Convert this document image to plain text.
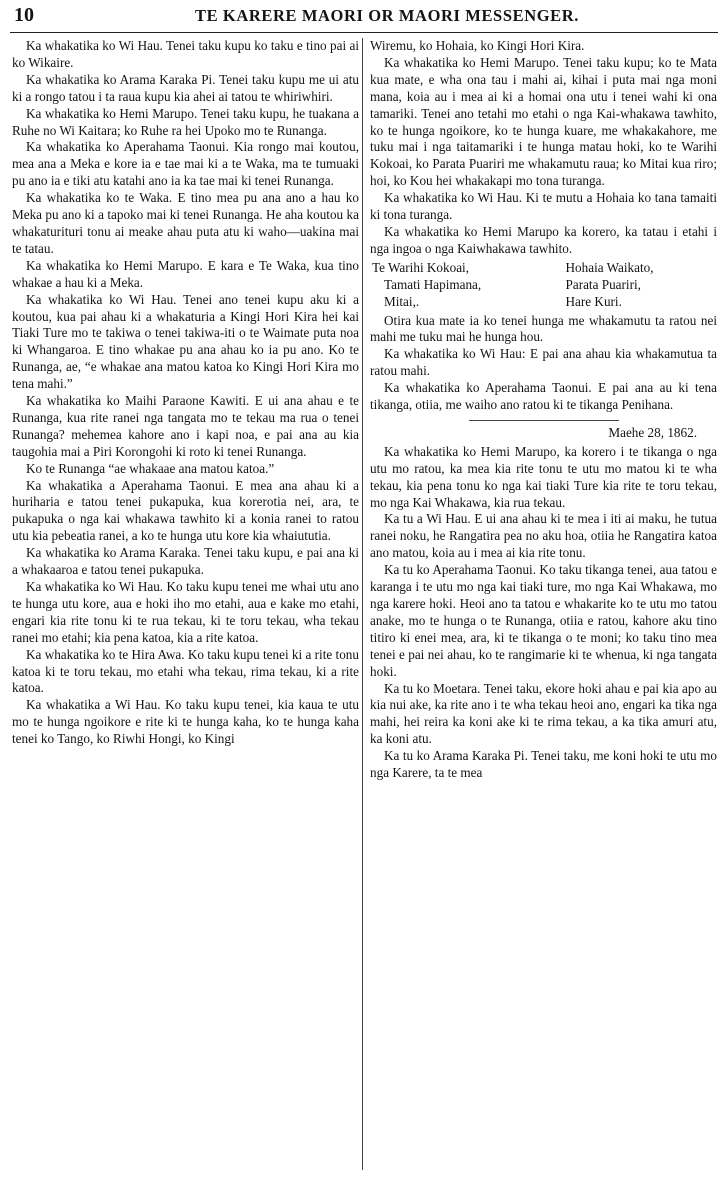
10	TE KARERE MAORI OR MAORI MESSENGER.

Ka whakatika ko Wi Hau. Tenei taku kupu ko taku e tino pai ai ko Wikaire.

Ka whakatika ko Arama Karaka Pi. Tenei taku kupu me ui atu ki a rongo tatou i ta raua kupu kia ahei ai tatou te whiriwhiri.

Ka whakatika ko Hemi Marupo. Tenei taku kupu, he tuakana a Ruhe no Wi Kaitara; ko Ruhe ra hei Upoko mo te Runanga.

Ka whakatika ko Aperahama Taonui. Kia rongo mai koutou, mea ana a Meka e kore ia e tae mai ki a te Waka, ma te tumuaki pu ano ia e tiki atu katahi ano ia ka tae mai ki tenei Runanga.

Ka whakatika ko te Waka. E tino mea pu ana ano a hau ko Meka pu ano ki a tapoko mai ki tenei Runanga. He aha koutou ka whakaturituri tonu ai meake ahau puta atu ki waho—uakina mai te tatau.

Ka whakatika ko Hemi Marupo. E kara e Te Waka, kua tino whakae a hau ki a Meka.

Ka whakatika ko Wi Hau. Tenei ano tenei kupu aku ki a koutou, kua pai ahau ki a whakaturia a Kingi Hori Kira hei kai Tiaki Ture mo te takiwa o tenei takiwa-iti o te Waimate puta noa ki Whangaroa. E tino whakae pu ana ahau ko ia pu ano. Ko te Runanga, ae, “e whakae ana matou katoa ko Kingi Hori Kira mo tena mahi.”

Ka whakatika ko Maihi Paraone Kawiti. E ui ana ahau e te Runanga, kua rite ranei nga tangata mo te tekau ma rua o tenei Runanga? mehemea kahore ano i kapi noa, e pai ana au kia taugohia mai a Piri Korongohi ki roto ki tenei Runanga.

Ko te Runanga “ae whakaae ana matou katoa.”

Ka whakatika a Aperahama Taonui. E mea ana ahau ki a huriharia e tatou tenei pukapuka, kua korerotia nei, ara, te pukapuka o nga kai whakawa tawhito ki a konia ranei to ratou utu kia pebeatia ranei, a ko te hunga utu kore kia whaiututia.

Ka whakatika ko Arama Karaka. Tenei taku kupu, e pai ana ki a whakaaroa e tatou tenei pukapuka.

Ka whakatika ko Wi Hau. Ko taku kupu tenei me whai utu ano te hunga utu kore, aua e hoki iho mo etahi, aua e kake mo etahi, engari kia rite tonu ki te rua tekau, ki te toru tekau, wha tekau ranei mo etahi; kia pena katoa, kia a rite katoa.

Ka whakatika ko te Hira Awa. Ko taku kupu tenei ki a rite tonu katoa ki te toru tekau, mo etahi wha tekau, rima tekau, ki a rite katoa.

Ka whakatika a Wi Hau. Ko taku kupu tenei, kia kaua te utu mo te hunga ngoikore e rite ki te hunga kaha, ko te hunga kaha tenei ko Tango, ko Riwhi Hongi, ko Kingi

Wiremu, ko Hohaia, ko Kingi Hori Kira.

Ka whakatika ko Hemi Marupo. Tenei taku kupu; ko te Mata kua mate, e wha ona tau i mahi ai, kihai i puta mai nga moni mana, koia au i mea ai ki a homai ona utu i tenei wahi ki ona tamariki. Tenei ano tetahi mo etahi o nga Kai-whakawa tawhito, ko te hunga ngoikore, ko te hunga kuare, me whakakahore, me tuku mai i nga taitamariki i te hunga matau hoki, ko te Warihi Kokoai, ko Parata Puariri me whakamutu raua; ko Mitai kua riro; hoi, ko Kou hei whakakapi mo tona turanga.

Ka whakatika ko Wi Hau. Ki te mutu a Hohaia ko tana tamaiti ki tona turanga.

Ka whakatika ko Hemi Marupo ka korero, ka tatau i etahi i nga ingoa o nga Kaiwhakawa tawhito.

Te Warihi Kokoai,	Hohaia Waikato,
Tamati Hapimana,	Parata Puariri,
Mitai,.	Hare Kuri.

Otira kua mate ia ko tenei hunga me whakamutu ta ratou nei mahi me tuku mai he hunga hou.

Ka whakatika ko Wi Hau: E pai ana ahau kia whakamutua ta ratou mahi.

Ka whakatika ko Aperahama Taonui. E pai ana au ki tena tikanga, otiia, me waiho ano ratou ki te tikanga Penihana.

Maehe 28, 1862.

Ka whakatika ko Hemi Marupo, ka korero i te tikanga o nga utu mo ratou, ka mea kia rite tonu te utu mo matou ki te wha tekau, kia pena tonu ko nga kai tiaki Ture kia rite te toru tekau, mo nga Kai Whakawa, kia rua tekau.

Ka tu a Wi Hau. E ui ana ahau ki te mea i iti ai maku, he tutua ranei noku, he Rangatira pea no aku hoa, otiia he Rangatira katoa ano matou, koia au i mea ai kia rite tonu.

Ka tu ko Aperahama Taonui. Ko taku tikanga tenei, aua tatou e karanga i te utu mo nga kai tiaki ture, mo nga Kai Whakawa, mo nga karere hoki. Heoi ano ta tatou e whakarite ko te utu mo tatou anake, mo te hunga o te Runanga, otiia e ratou, kahore aku tino titiro ki enei mea, ara, ki te tikanga o te moni; ko taku tino mea tenei e pai nei ahau, ko te rangimarie ki te whenua, ki nga tangata hoki.

Ka tu ko Moetara. Tenei taku, ekore hoki ahau e pai kia apo au kia nui ake, ka rite ano i te wha tekau heoi ano, engari ka tika nga mahi, hei reira ka koni ake ki te rima tekau, a ka tika amuri atu, ka koni atu.

Ka tu ko Arama Karaka Pi. Tenei taku, me koni hoki te utu mo nga Karere, ta te mea
